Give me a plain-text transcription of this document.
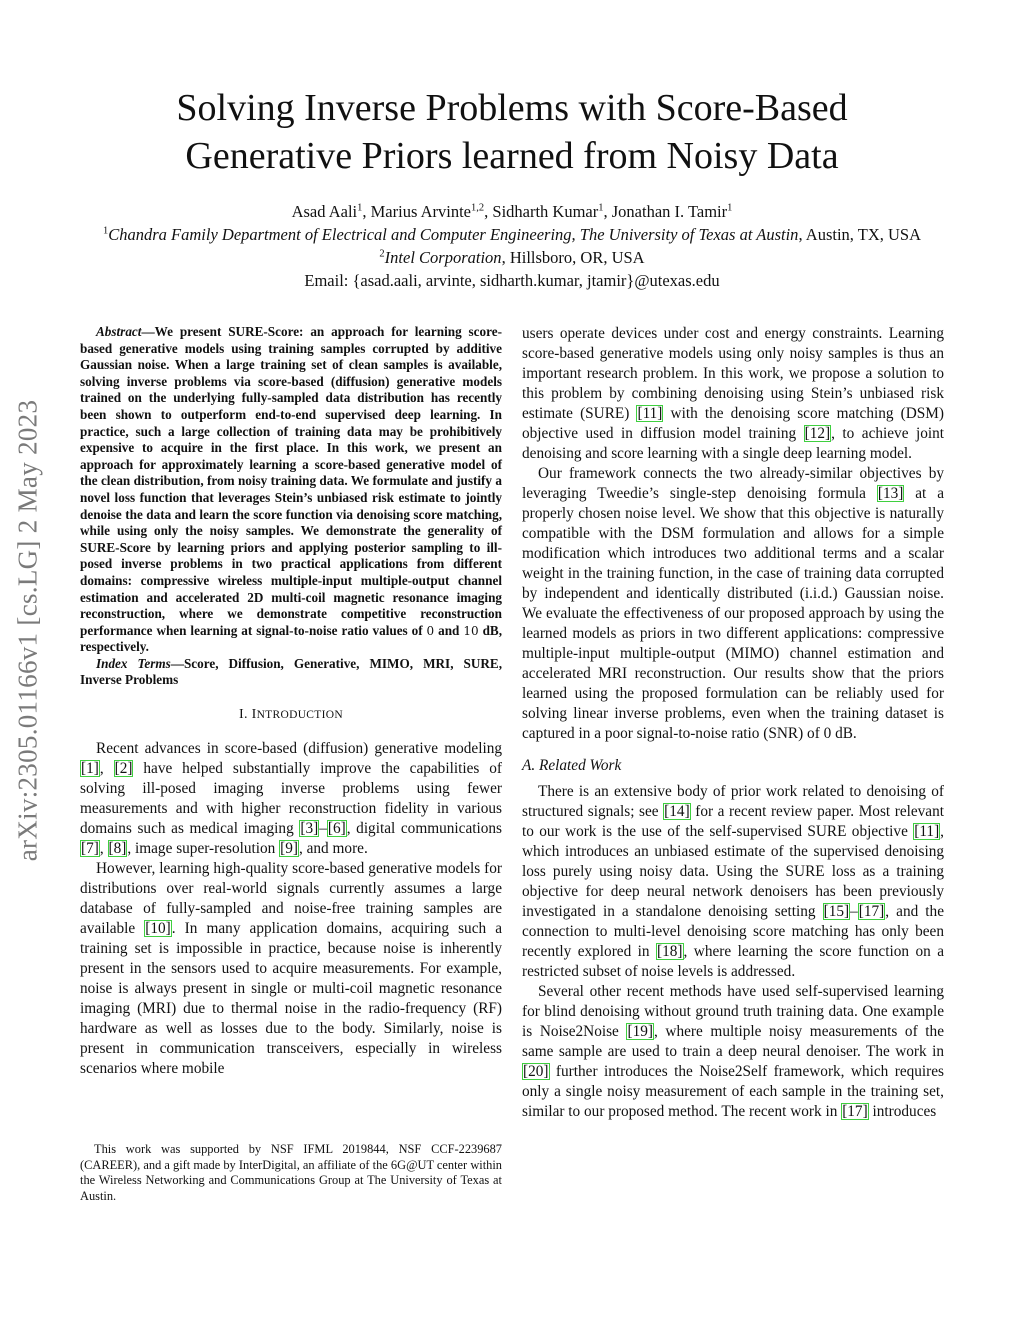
arXiv:2305.01166v1 [cs.LG] 2 May 2023
Solving Inverse Problems with Score-Based
Generative Priors learned from Noisy Data
Asad Aali$^1$, Marius Arvinte$^{1,2}$, Sidharth Kumar$^1$, Jonathan I. Tamir$^1$
$^1$Chandra Family Department of Electrical and Computer Engineering, The University of Texas at Austin, Austin, TX, USA
$^2$Intel Corporation, Hillsboro, OR, USA
Email: {asad.aali, arvinte, sidharth.kumar, jtamir}@utexas.edu

Abstract—We present SURE-Score: an approach for learning score-based generative models using training samples corrupted by additive Gaussian noise. When a large training set of clean samples is available, solving inverse problems via score-based (diffusion) generative models trained on the underlying fully-sampled data distribution has recently been shown to outperform end-to-end supervised deep learning. In practice, such a large collection of training data may be prohibitively expensive to acquire in the first place. In this work, we present an approach for approximately learning a score-based generative model of the clean distribution, from noisy training data. We formulate and justify a novel loss function that leverages Stein’s unbiased risk estimate to jointly denoise the data and learn the score function via denoising score matching, while using only the noisy samples. We demonstrate the generality of SURE-Score by learning priors and applying posterior sampling to ill-posed inverse problems in two practical applications from different domains: compressive wireless multiple-input multiple-output channel estimation and accelerated 2D multi-coil magnetic resonance imaging reconstruction, where we demonstrate competitive reconstruction performance when learning at signal-to-noise ratio values of 0 and 10 dB, respectively.

Index Terms—Score, Diffusion, Generative, MIMO, MRI, SURE, Inverse Problems

I. INTRODUCTION

Recent advances in score-based (diffusion) generative modeling [1], [2] have helped substantially improve the capabilities of solving ill-posed imaging inverse problems using fewer measurements and with higher reconstruction fidelity in various domains such as medical imaging [3]–[6], digital communications [7], [8], image super-resolution [9], and more.

However, learning high-quality score-based generative models for distributions over real-world signals currently assumes a large database of fully-sampled and noise-free training samples are available [10]. In many application domains, acquiring such a training set is impossible in practice, because noise is inherently present in the sensors used to acquire measurements. For example, noise is always present in single or multi-coil magnetic resonance imaging (MRI) due to thermal noise in the radio-frequency (RF) hardware as well as losses due to the body. Similarly, noise is present in communication transceivers, especially in wireless scenarios where mobile

This work was supported by NSF IFML 2019844, NSF CCF-2239687 (CAREER), and a gift made by InterDigital, an affiliate of the 6G@UT center within the Wireless Networking and Communications Group at The University of Texas at Austin.

users operate devices under cost and energy constraints. Learning score-based generative models using only noisy samples is thus an important research problem. In this work, we propose a solution to this problem by combining denoising using Stein’s unbiased risk estimate (SURE) [11] with the denoising score matching (DSM) objective used in diffusion model training [12], to achieve joint denoising and score learning with a single deep learning model.

Our framework connects the two already-similar objectives by leveraging Tweedie’s single-step denoising formula [13] at a properly chosen noise level. We show that this objective is naturally compatible with the DSM formulation and allows for a simple modification which introduces two additional terms and a scalar weight in the training function, in the case of training data corrupted by independent and identically distributed (i.i.d.) Gaussian noise. We evaluate the effectiveness of our proposed approach by using the learned models as priors in two different applications: compressive multiple-input multiple-output (MIMO) channel estimation and accelerated MRI reconstruction. Our results show that the priors learned using the proposed formulation can be reliably used for solving linear inverse problems, even when the training dataset is captured in a poor signal-to-noise ratio (SNR) of 0 dB.

A. Related Work

There is an extensive body of prior work related to denoising of structured signals; see [14] for a recent review paper. Most relevant to our work is the use of the self-supervised SURE objective [11], which introduces an unbiased estimate of the supervised denoising loss purely using noisy data. Using the SURE loss as a training objective for deep neural network denoisers has been previously investigated in a standalone denoising setting [15]–[17], and the connection to multi-level denoising score matching has only been recently explored in [18], where learning the score function on a restricted subset of noise levels is addressed.

Several other recent methods have used self-supervised learning for blind denoising without ground truth training data. One example is Noise2Noise [19], where multiple noisy measurements of the same sample are used to train a deep neural denoiser. The work in [20] further introduces the Noise2Self framework, which requires only a single noisy measurement of each sample in the training set, similar to our proposed method. The recent work in [17] introduces
